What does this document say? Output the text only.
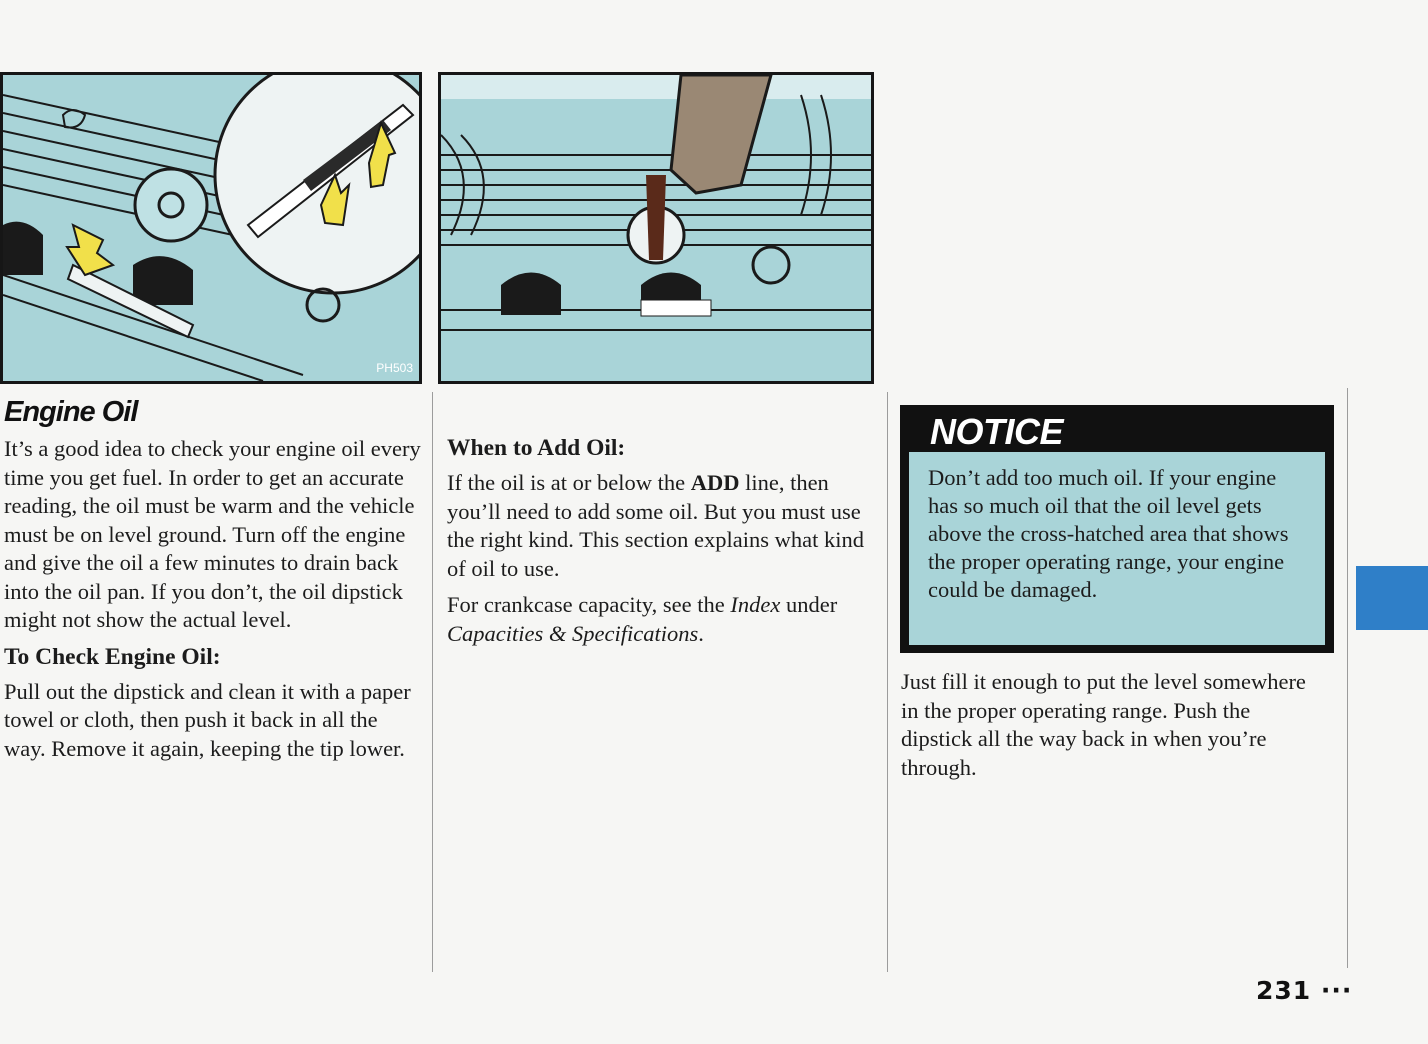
PH503
Engine Oil

It’s a good idea to check your engine oil every time you get fuel. In order to get an accurate reading, the oil must be warm and the vehicle must be on level ground. Turn off the engine and give the oil a few minutes to drain back into the oil pan. If you don’t, the oil dipstick might not show the actual level.

To Check Engine Oil:

Pull out the dipstick and clean it with a paper towel or cloth, then push it back in all the way. Remove it again, keeping the tip lower.

When to Add Oil:

If the oil is at or below the ADD line, then you’ll need to add some oil. But you must use the right kind. This section explains what kind of oil to use.

For crankcase capacity, see the Index under Capacities & Specifications.

NOTICE
Don’t add too much oil. If your engine has so much oil that the oil level gets above the cross-hatched area that shows the proper operating range, your engine could be damaged.

Just fill it enough to put the level somewhere in the proper operating range. Push the dipstick all the way back in when you’re through.

231 ···
